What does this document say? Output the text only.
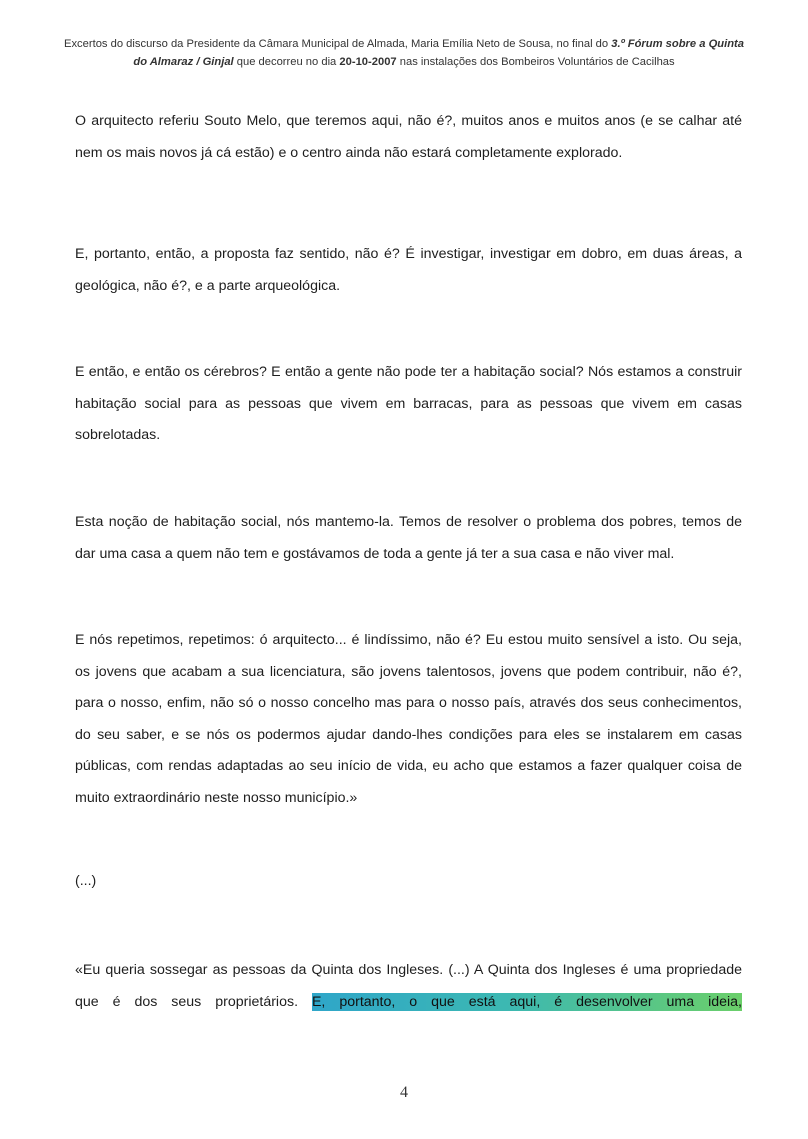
Excertos do discurso da Presidente da Câmara Municipal de Almada, Maria Emília Neto de Sousa, no final do 3.º Fórum sobre a Quinta do Almaraz / Ginjal que decorreu no dia 20-10-2007 nas instalações dos Bombeiros Voluntários de Cacilhas

O arquitecto referiu Souto Melo, que teremos aqui, não é?, muitos anos e muitos anos (e se calhar até nem os mais novos já cá estão) e o centro ainda não estará completamente explorado.

E, portanto, então, a proposta faz sentido, não é? É investigar, investigar em dobro, em duas áreas, a geológica, não é?, e a parte arqueológica.

E então, e então os cérebros? E então a gente não pode ter a habitação social? Nós estamos a construir habitação social para as pessoas que vivem em barracas, para as pessoas que vivem em casas sobrelotadas.

Esta noção de habitação social, nós mantemo-la. Temos de resolver o problema dos pobres, temos de dar uma casa a quem não tem e gostávamos de toda a gente já ter a sua casa e não viver mal.

E nós repetimos, repetimos: ó arquitecto... é lindíssimo, não é? Eu estou muito sensível a isto. Ou seja, os jovens que acabam a sua licenciatura, são jovens talentosos, jovens que podem contribuir, não é?, para o nosso, enfim, não só o nosso concelho mas para o nosso país, através dos seus conhecimentos, do seu saber, e se nós os podermos ajudar dando-lhes condições para eles se instalarem em casas públicas, com rendas adaptadas ao seu início de vida, eu acho que estamos a fazer qualquer coisa de muito extraordinário neste nosso município.»

(...)

«Eu queria sossegar as pessoas da Quinta dos Ingleses. (...) A Quinta dos Ingleses é uma propriedade que é dos seus proprietários. E, portanto, o que está aqui, é desenvolver uma ideia,

4
